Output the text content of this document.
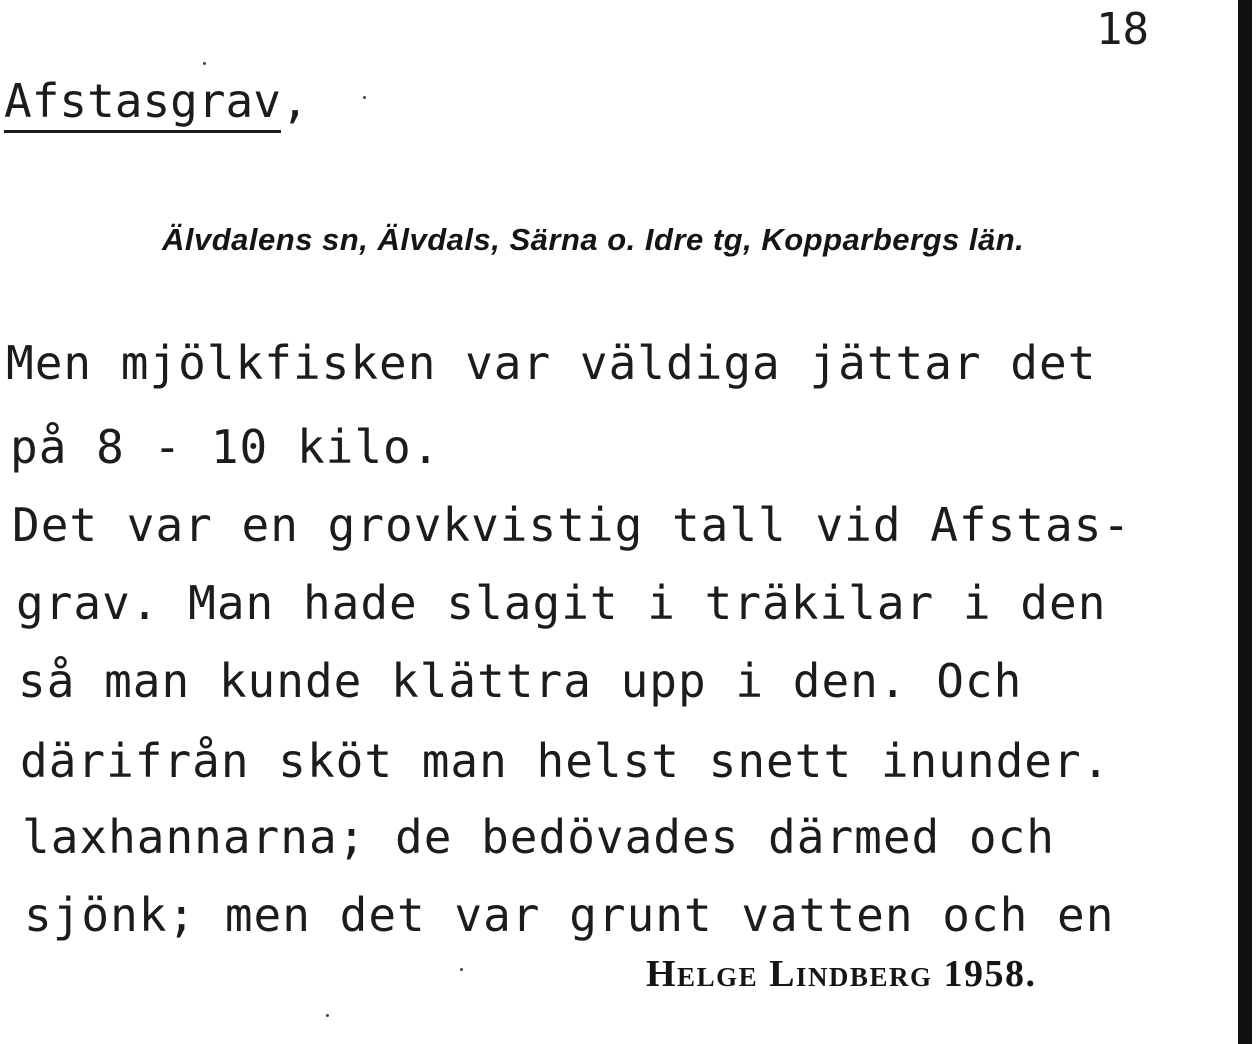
18
Afstasgrav,
Älvdalens sn, Älvdals, Särna o. Idre tg, Kopparbergs län.
Men mjölkfisken var väldiga jättar det
på 8 - 10 kilo.
Det var en grovkvistig tall vid Afstas-
grav. Man hade slagit i träkilar i den
så man kunde klättra upp i den. Och
därifrån sköt man helst snett inunder.
laxhannarna; de bedövades därmed och
sjönk; men det var grunt vatten och en
Helge Lindberg 1958.
